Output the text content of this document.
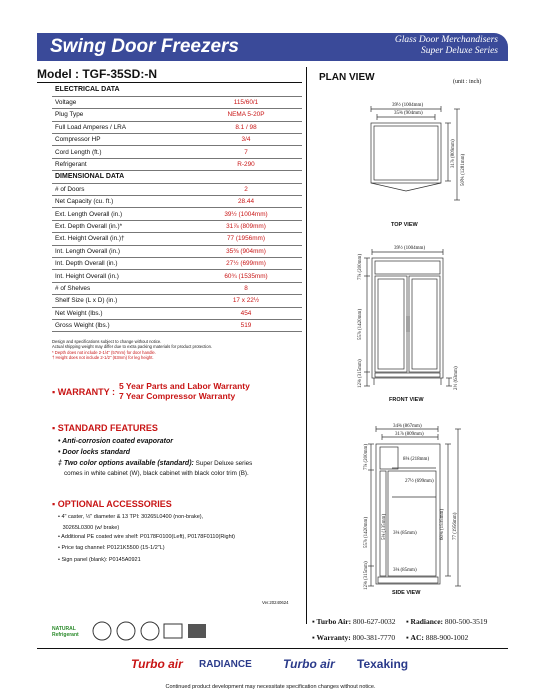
Swing Door Freezers	Glass Door Merchandisers
Super Deluxe Series
Model : TGF-35SD:-N
ELECTRICAL DATA	
Voltage	115/60/1
Plug Type	NEMA 5-20P
Full Load Amperes / LRA	8.1 / 98
Compressor HP	3/4
Cord Length (ft.)	7
Refrigerant	R-290
DIMENSIONAL DATA	
# of Doors	2
Net Capacity (cu. ft.)	28.44
Ext. Length Overall (in.)	39½ (1004mm)
Ext. Depth Overall (in.)*	31⅞ (809mm)
Ext. Height Overall (in.)†	77 (1956mm)
Int. Length Overall (in.)	35⅜ (904mm)
Int. Depth Overall (in.)	27½ (699mm)
Int. Height Overall (in.)	60¾ (1535mm)
# of Shelves	8
Shelf Size (L x D) (in.)	17 x 22½
Net Weight (lbs.)	454
Gross Weight (lbs.)	519
Design and specifications subject to change without notice.
Actual shipping weight may differ due to extra packing materials for product protection.
* Depth does not include 2-1/4" (57mm) for door handle.
† Height does not include 2-1/2" (63mm) for leg height.
▪ WARRANTY :
5 Year Parts and Labor Warranty
7 Year Compressor Warranty
▪ STANDARD FEATURES
• Anti-corrosion coated evaporator
• Door locks standard
‡ Two color options available (standard): Super Deluxe series
comes in white cabinet (W), black cabinet with black color trim (B).
▪ OPTIONAL ACCESSORIES
• 4" caster, ½" diameter & 13 TPI: 30265L0400 (non-brake),
30265L0300 (w/ brake)
• Additional PE coated wire shelf: P0178F0100(Left), P0178F0110(Right)
• Price tag channel: P0121K5500 (15-1/2"L)
• Sign panel (blank): P0145A0921
Ver.20240624
PLAN VIEW	(unit : inch)
39½ (1004mm)
35⅜ (904mm)
31⅞ (809mm)
50⅗ (1281mm)
TOP VIEW
39½ (1004mm)
7⅞ (200mm)
55⅞ (1420mm)
12⅜ (315mm)	2½ (63mm)
FRONT VIEW
34⅜ (867mm)
31⅞ (809mm)
8⅜ (218mm)
27½ (699mm)
7⅞ (200mm)
55⅞ (1420mm)	5⅜ (135mm)	60¾ (1535mm) 77 (1956mm)
12⅜ (315mm)
3⅜ (85mm)
3⅜ (85mm)
SIDE VIEW
NATURAL Refrigerant
▪ Turbo Air: 800-627-0032 ▪ Radiance: 800-500-3519
▪ Warranty: 800-381-7770 ▪ AC: 888-900-1002
Turbo air RADIANCE	Turbo air Texaking
Continued product development may necessitate specification changes without notice.
